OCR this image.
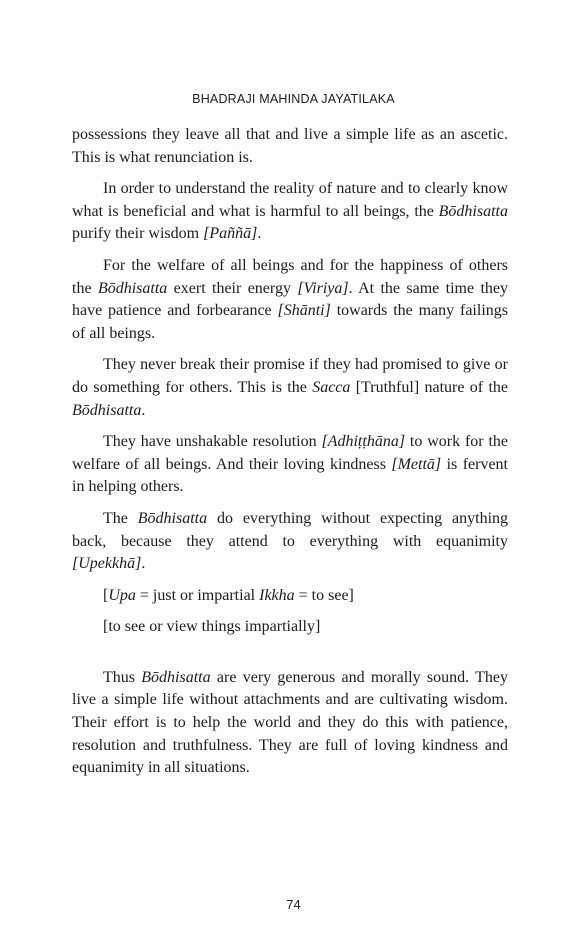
BHADRAJI MAHINDA JAYATILAKA

possessions they leave all that and live a simple life as an ascetic. This is what renunciation is.

In order to understand the reality of nature and to clearly know what is beneficial and what is harmful to all beings, the Bōdhisatta purify their wisdom [Paññā].

For the welfare of all beings and for the happiness of others the Bōdhisatta exert their energy [Viriya]. At the same time they have patience and forbearance [Shānti] towards the many failings of all beings.

They never break their promise if they had promised to give or do something for others. This is the Sacca [Truthful] nature of the Bōdhisatta.

They have unshakable resolution [Adhiṭṭhāna] to work for the welfare of all beings. And their loving kindness [Mettā] is fervent in helping others.

The Bōdhisatta do everything without expecting anything back, because they attend to everything with equanimity [Upekkhā].

[Upa = just or impartial Ikkha = to see]

[to see or view things impartially]

Thus Bōdhisatta are very generous and morally sound. They live a simple life without attachments and are cultivating wisdom. Their effort is to help the world and they do this with patience, resolution and truthfulness. They are full of loving kindness and equanimity in all situations.

74
